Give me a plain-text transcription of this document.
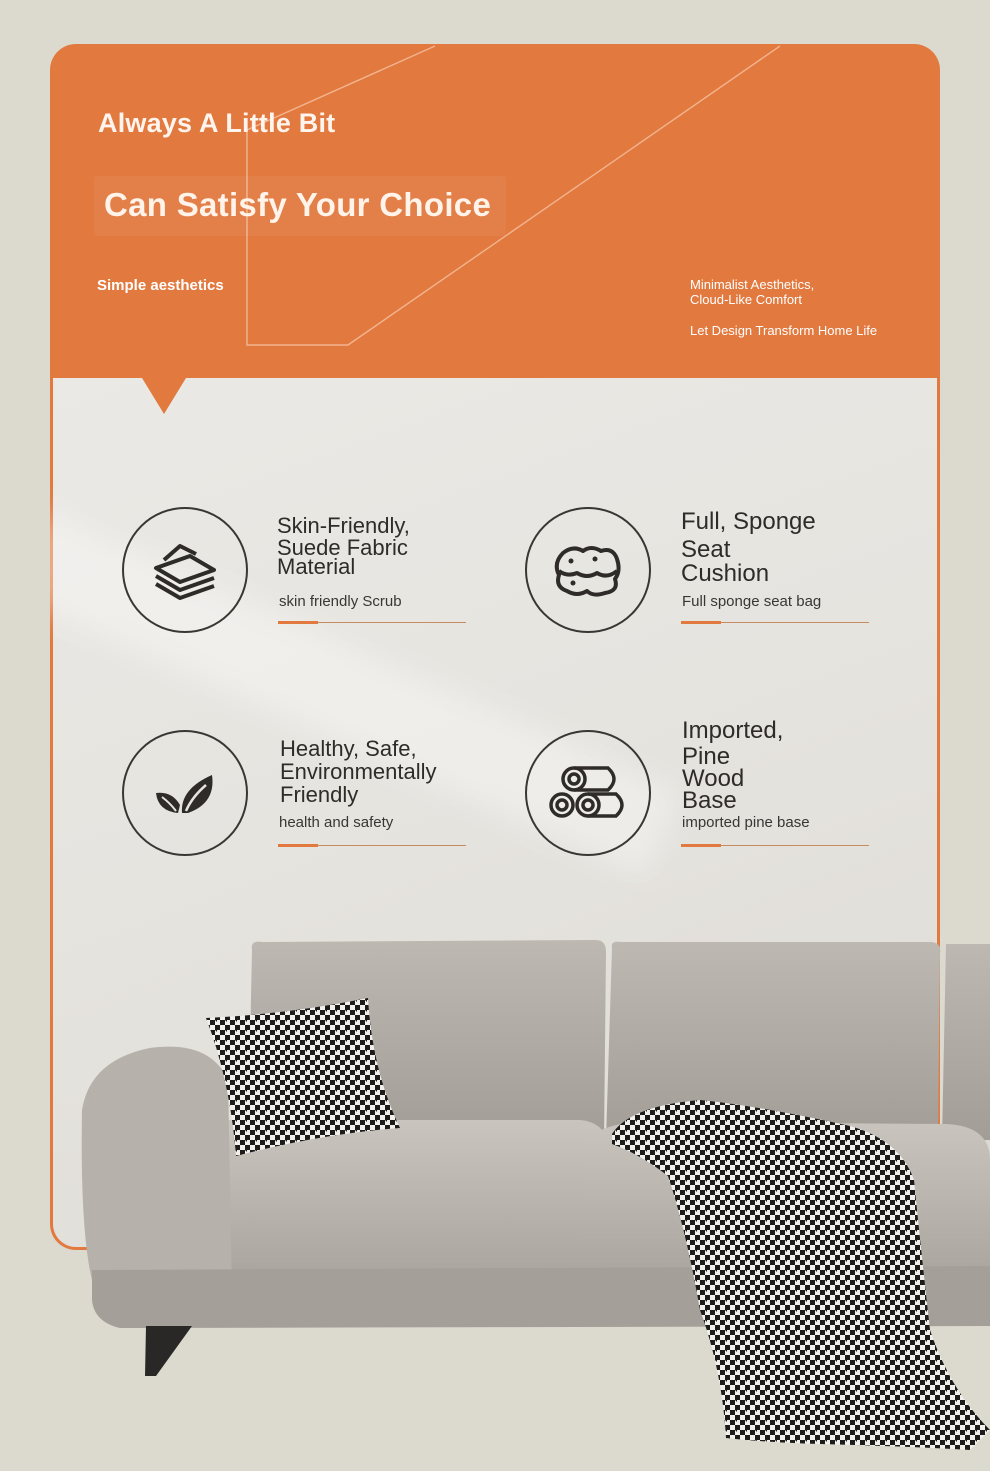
Always A Little Bit
Can Satisfy Your Choice
Simple aesthetics	Minimalist Aesthetics,
Cloud-Like Comfort
Let Design Transform Home Life
Skin-Friendly,
Suede Fabric
Material
skin friendly Scrub
Full, Sponge
Seat
Cushion
Full sponge seat bag
Healthy, Safe,
Environmentally
Friendly
health and safety
Imported,
Pine
Wood
Base
imported pine base
